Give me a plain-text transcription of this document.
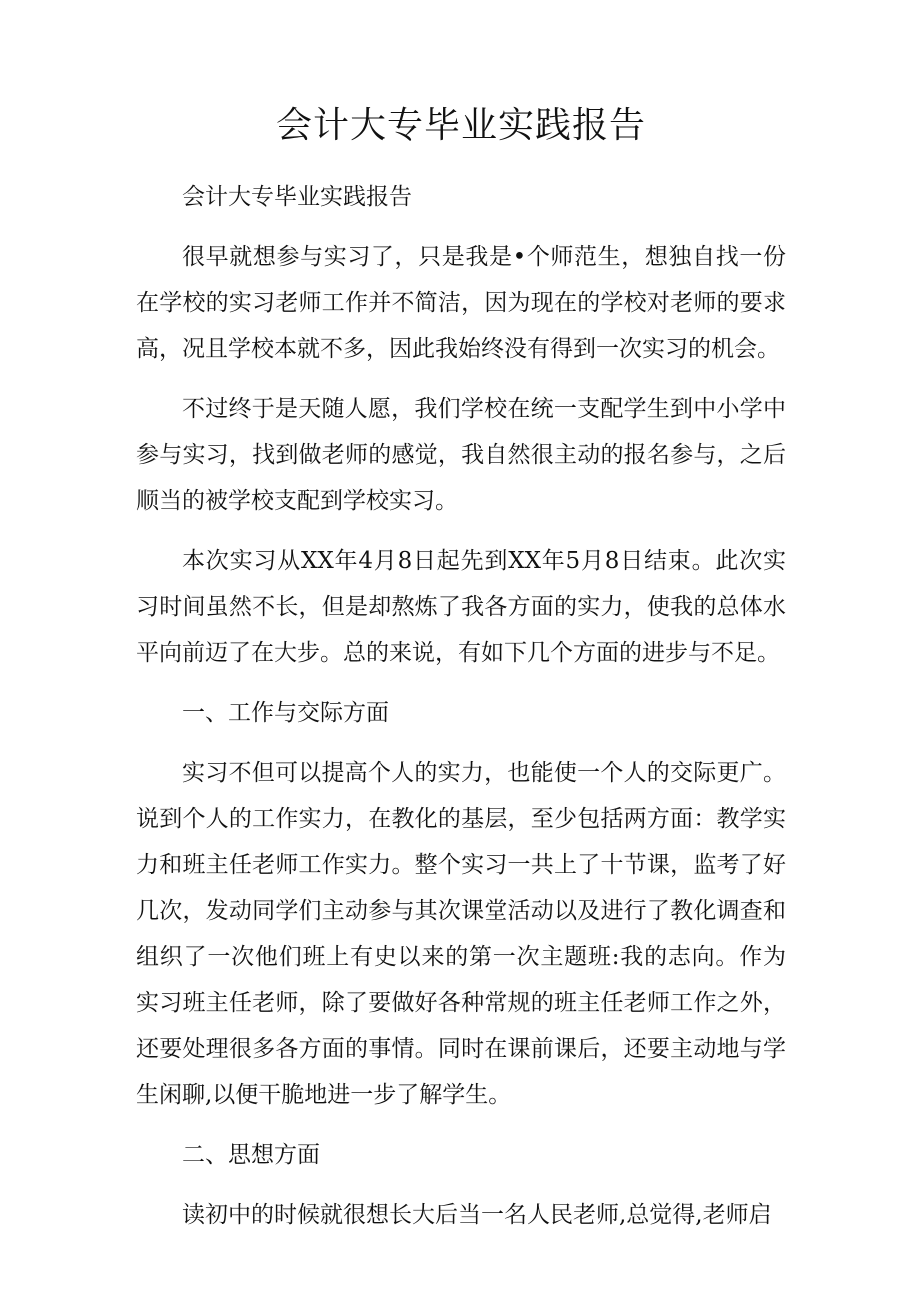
会计大专毕业实践报告

会计大专毕业实践报告

很早就想参与实习了，只是我是•个师范生，想独自找一份在学校的实习老师工作并不简洁，因为现在的学校对老师的要求高，况且学校本就不多，因此我始终没有得到一次实习的机会。

不过终于是天随人愿，我们学校在统一支配学生到中小学中参与实习，找到做老师的感觉，我自然很主动的报名参与，之后顺当的被学校支配到学校实习。

本次实习从XX年4月8日起先到XX年5月8日结束。此次实习时间虽然不长，但是却熬炼了我各方面的实力，使我的总体水平向前迈了在大步。总的来说，有如下几个方面的进步与不足。

一、工作与交际方面

实习不但可以提高个人的实力，也能使一个人的交际更广。说到个人的工作实力，在教化的基层，至少包括两方面：教学实力和班主任老师工作实力。整个实习一共上了十节课，监考了好几次，发动同学们主动参与其次课堂活动以及进行了教化调查和组织了一次他们班上有史以来的第一次主题班:我的志向。作为实习班主任老师，除了要做好各种常规的班主任老师工作之外，还要处理很多各方面的事情。同时在课前课后，还要主动地与学生闲聊,以便干脆地进一步了解学生。

二、思想方面

读初中的时候就很想长大后当一名人民老师,总觉得,老师启
